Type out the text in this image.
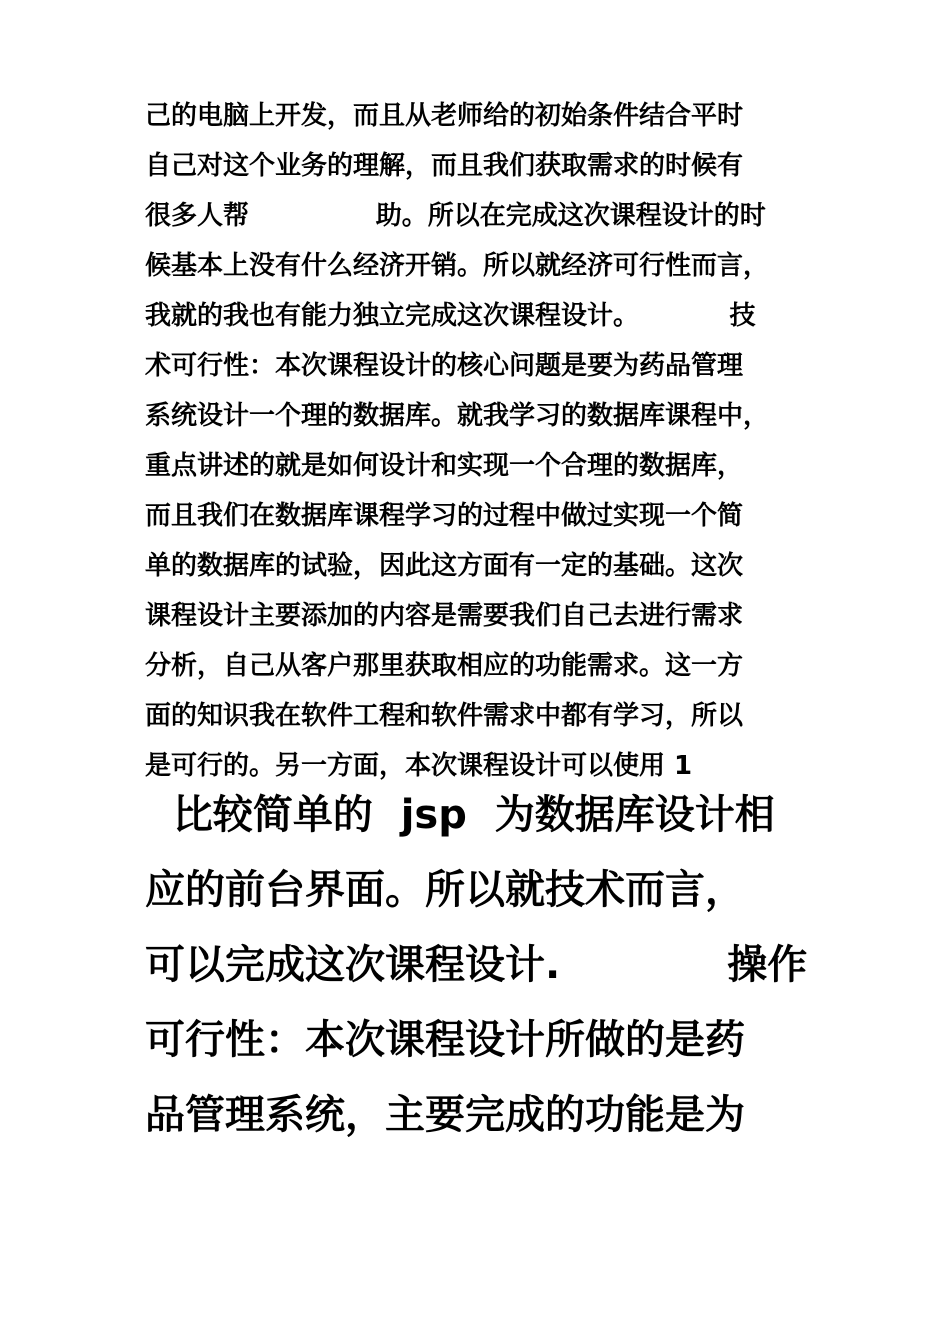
己的电脑上开发，而且从老师给的初始条件结合平时
自己对这个业务的理解，而且我们获取需求的时候有
很多人帮              助。所以在完成这次课程设计的时
候基本上没有什么经济开销。所以就经济可行性而言，
我就的我也有能力独立完成这次课程设计。          技
术可行性：本次课程设计的核心问题是要为药品管理
系统设计一个理的数据库。就我学习的数据库课程中，
重点讲述的就是如何设计和实现一个合理的数据库，
而且我们在数据库课程学习的过程中做过实现一个简
单的数据库的试验，因此这方面有一定的基础。这次
课程设计主要添加的内容是需要我们自己去进行需求
分析，自己从客户那里获取相应的功能需求。这一方
面的知识我在软件工程和软件需求中都有学习，所以
是可行的。另一方面，本次课程设计可以使用 1
比较简单的  jsp  为数据库设计相
应的前台界面。所以就技术而言，
可以完成这次课程设计.            操作
可行性：本次课程设计所做的是药
品管理系统，主要完成的功能是为
